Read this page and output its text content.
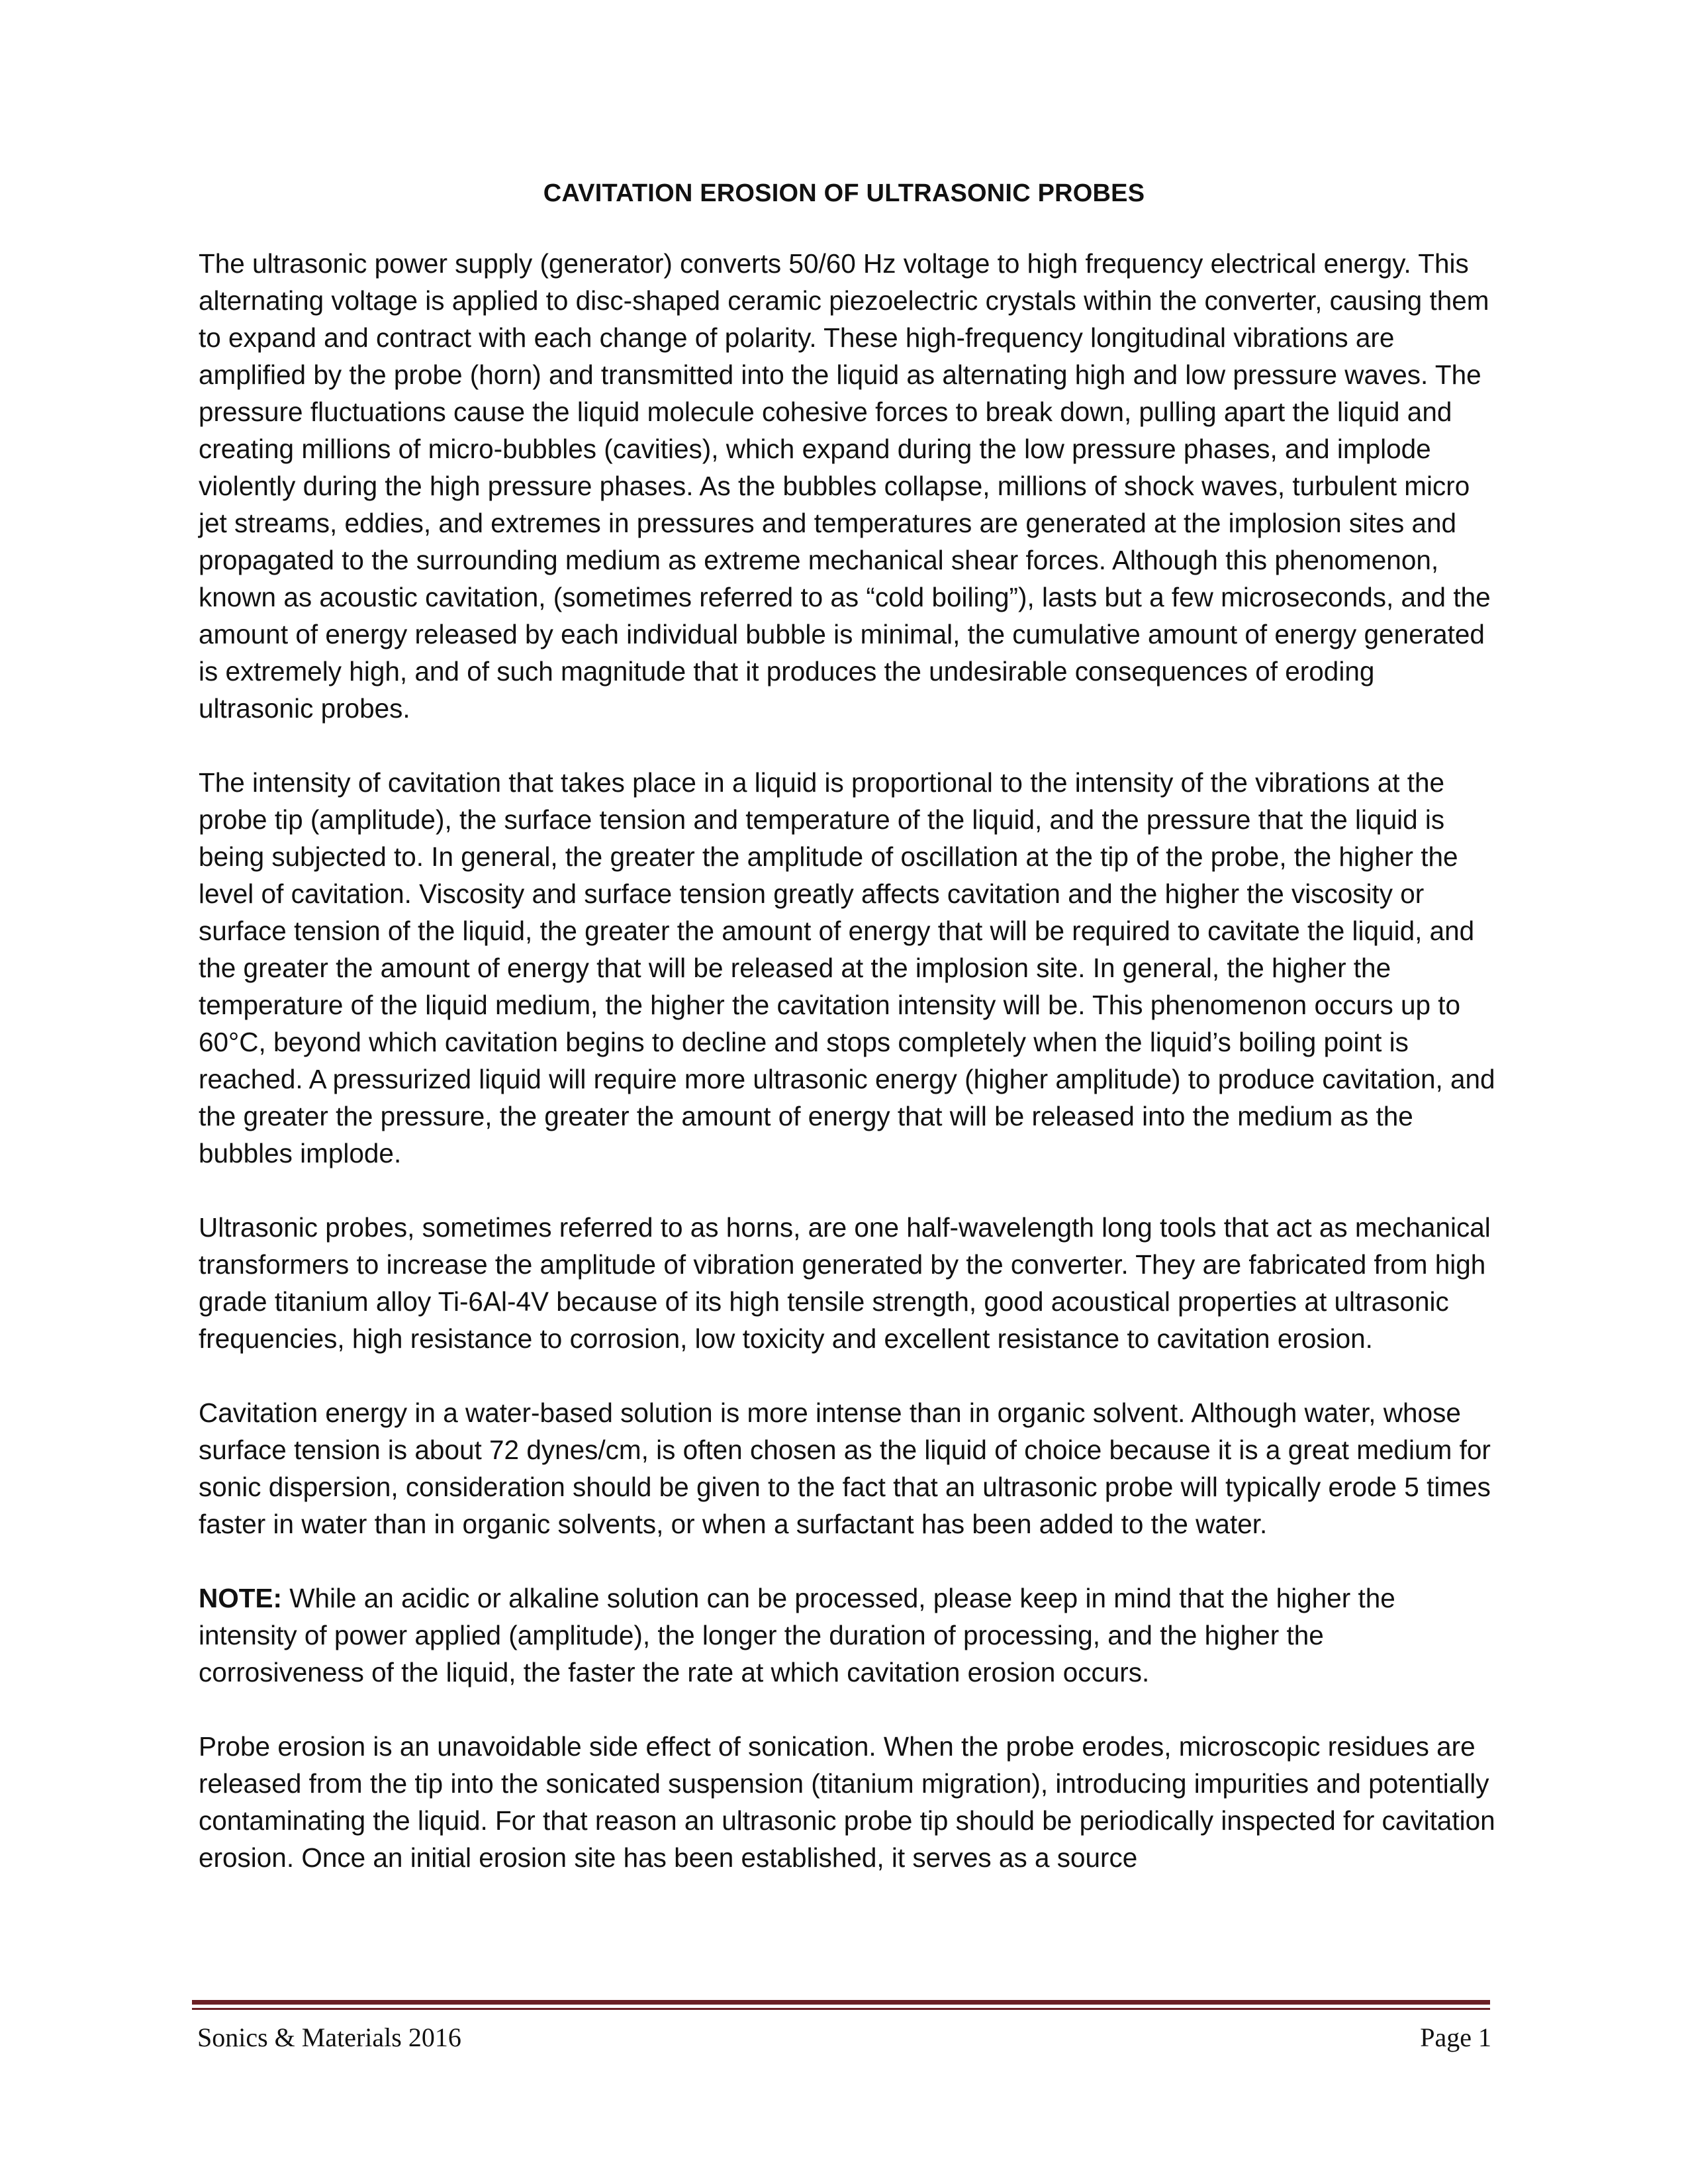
CAVITATION EROSION OF ULTRASONIC PROBES

The ultrasonic power supply (generator) converts 50/60 Hz voltage to high frequency electrical energy. This alternating voltage is applied to disc-shaped ceramic piezoelectric crystals within the converter, causing them to expand and contract with each change of polarity. These high-frequency longitudinal vibrations are amplified by the probe (horn) and transmitted into the liquid as alternating high and low pressure waves. The pressure fluctuations cause the liquid molecule cohesive forces to break down, pulling apart the liquid and creating millions of micro-bubbles (cavities), which expand during the low pressure phases, and implode violently during the high pressure phases. As the bubbles collapse, millions of shock waves, turbulent micro jet streams, eddies, and extremes in pressures and temperatures are generated at the implosion sites and propagated to the surrounding medium as extreme mechanical shear forces. Although this phenomenon, known as acoustic cavitation, (sometimes referred to as “cold boiling”), lasts but a few microseconds, and the amount of energy released by each individual bubble is minimal, the cumulative amount of energy generated is extremely high, and of such magnitude that it produces the undesirable consequences of eroding ultrasonic probes.

The intensity of cavitation that takes place in a liquid is proportional to the intensity of the vibrations at the probe tip (amplitude), the surface tension and temperature of the liquid, and the pressure that the liquid is being subjected to. In general, the greater the amplitude of oscillation at the tip of the probe, the higher the level of cavitation. Viscosity and surface tension greatly affects cavitation and the higher the viscosity or surface tension of the liquid, the greater the amount of energy that will be required to cavitate the liquid, and the greater the amount of energy that will be released at the implosion site. In general, the higher the temperature of the liquid medium, the higher the cavitation intensity will be. This phenomenon occurs up to 60°C, beyond which cavitation begins to decline and stops completely when the liquid’s boiling point is reached. A pressurized liquid will require more ultrasonic energy (higher amplitude) to produce cavitation, and the greater the pressure, the greater the amount of energy that will be released into the medium as the bubbles implode.

Ultrasonic probes, sometimes referred to as horns, are one half-wavelength long tools that act as mechanical transformers to increase the amplitude of vibration generated by the converter. They are fabricated from high grade titanium alloy Ti-6Al-4V because of its high tensile strength, good acoustical properties at ultrasonic frequencies, high resistance to corrosion, low toxicity and excellent resistance to cavitation erosion.

Cavitation energy in a water-based solution is more intense than in organic solvent. Although water, whose surface tension is about 72 dynes/cm, is often chosen as the liquid of choice because it is a great medium for sonic dispersion, consideration should be given to the fact that an ultrasonic probe will typically erode 5 times faster in water than in organic solvents, or when a surfactant has been added to the water.

NOTE: While an acidic or alkaline solution can be processed, please keep in mind that the higher the intensity of power applied (amplitude), the longer the duration of processing, and the higher the corrosiveness of the liquid, the faster the rate at which cavitation erosion occurs.

Probe erosion is an unavoidable side effect of sonication. When the probe erodes, microscopic residues are released from the tip into the sonicated suspension (titanium migration), introducing impurities and potentially contaminating the liquid. For that reason an ultrasonic probe tip should be periodically inspected for cavitation erosion. Once an initial erosion site has been established, it serves as a source

Sonics & Materials 2016	Page 1
